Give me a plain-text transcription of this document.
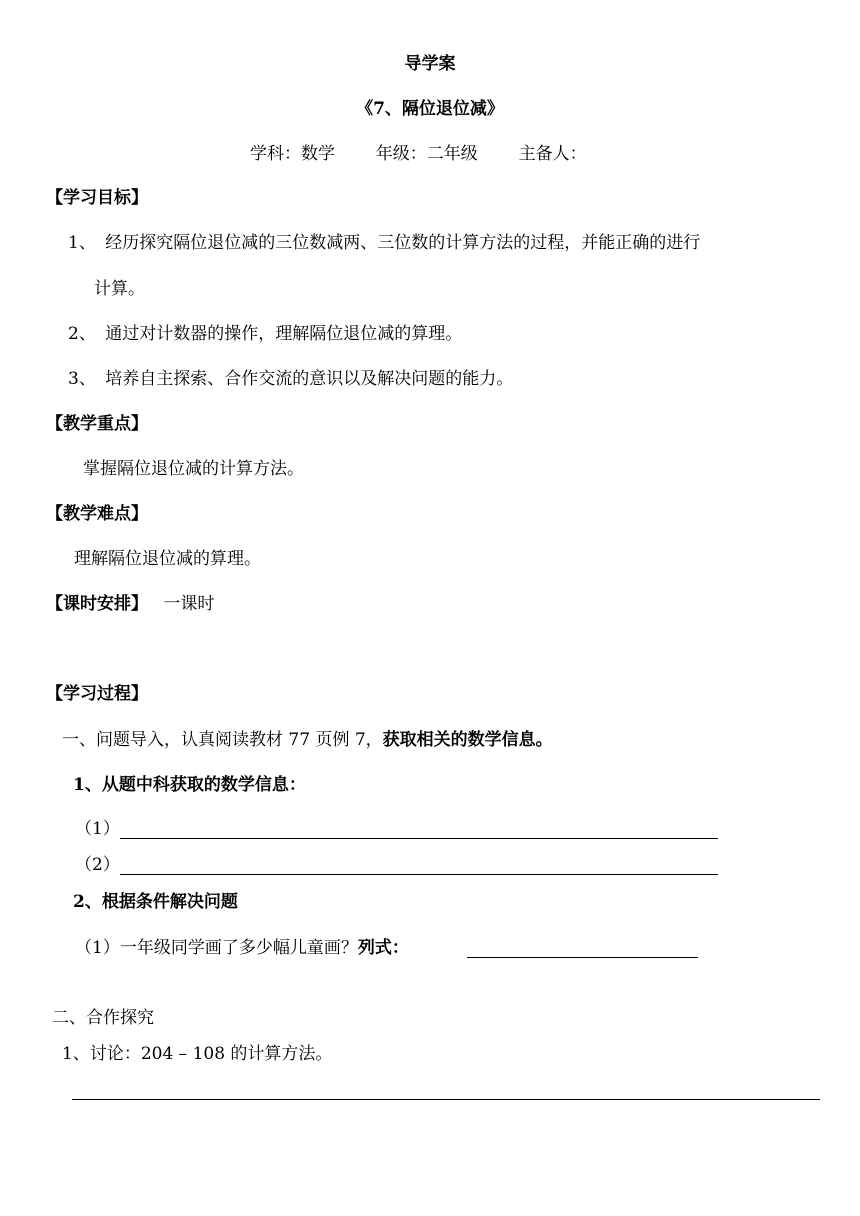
导学案
《7、隔位退位减》
学科：数学 年级：二年级 主备人：
【学习目标】
1、 经历探究隔位退位减的三位数减两、三位数的计算方法的过程，并能正确的进行
计算。
2、 通过对计数器的操作，理解隔位退位减的算理。
3、 培养自主探索、合作交流的意识以及解决问题的能力。
【教学重点】
掌握隔位退位减的计算方法。
【教学难点】
理解隔位退位减的算理。
【课时安排】 一课时
【学习过程】
一、问题导入，认真阅读教材 77 页例 7，获取相关的数学信息。
1、从题中科获取的数学信息：
（1）
（2）
2、根据条件解决问题
（1）一年级同学画了多少幅儿童画？列式：
二、合作探究
1、讨论：204 – 108 的计算方法。
